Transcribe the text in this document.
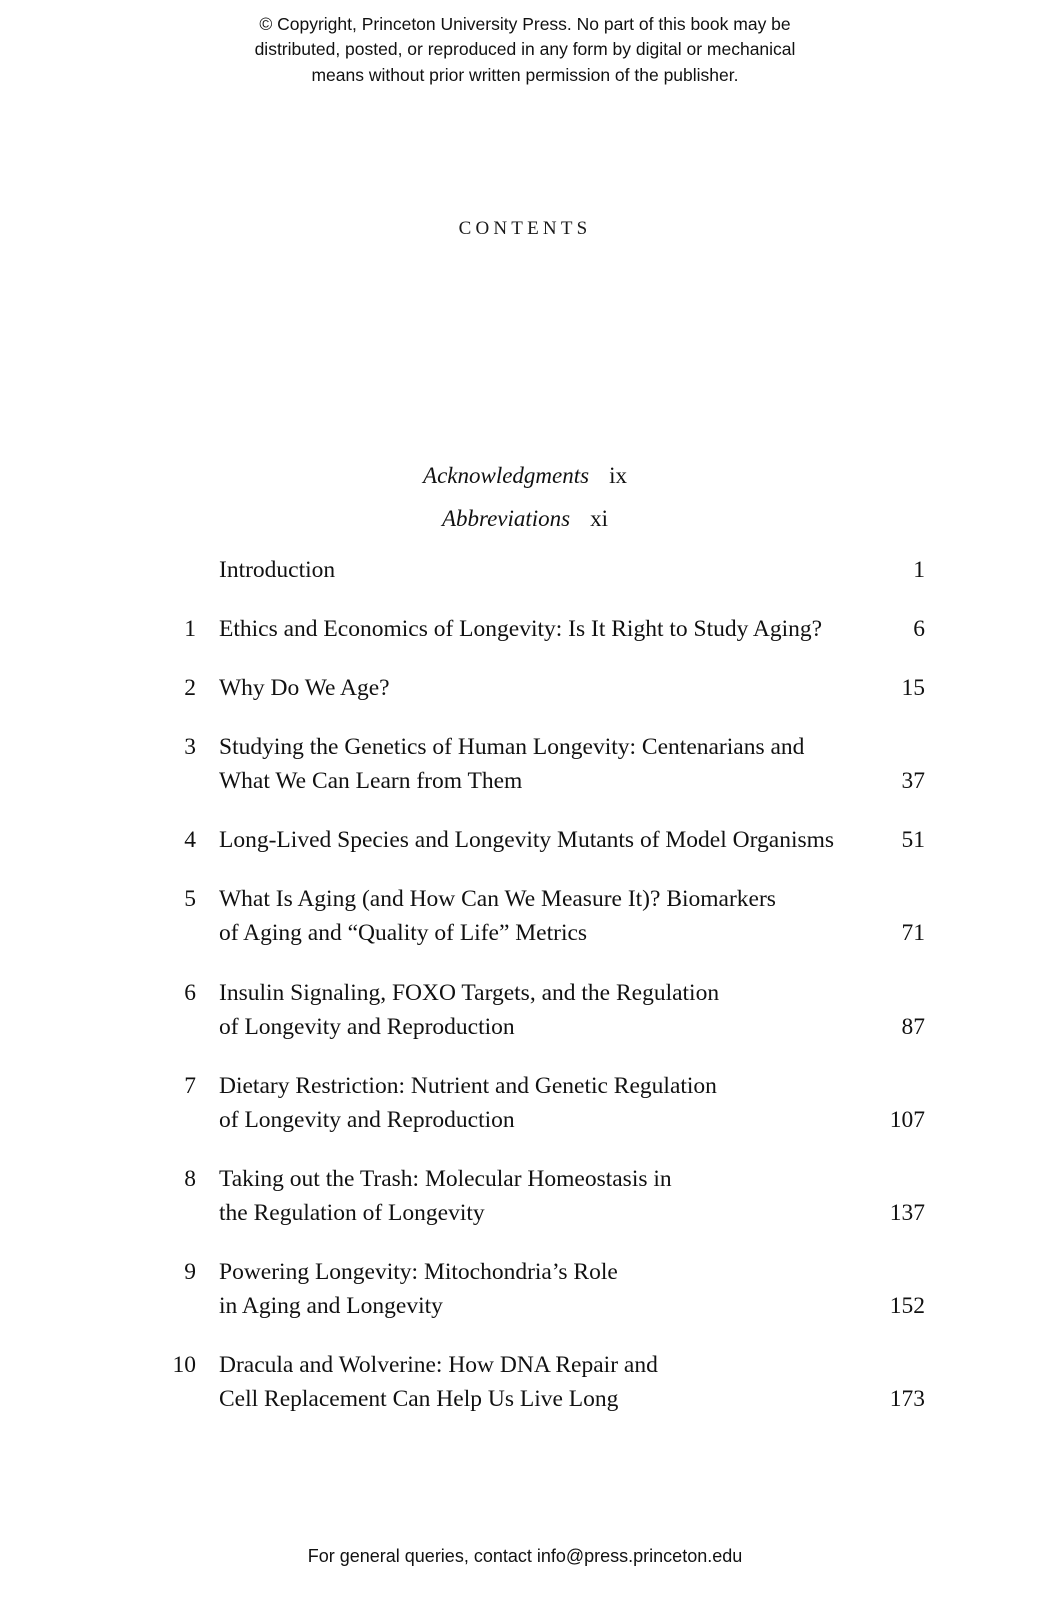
© Copyright, Princeton University Press. No part of this book may be
distributed, posted, or reproduced in any form by digital or mechanical
means without prior written permission of the publisher.
CONTENTS
Acknowledgments ix
Abbreviations xi
Introduction	1
1 Ethics and Economics of Longevity: Is It Right to Study Aging?	6
2 Why Do We Age?	15
3 Studying the Genetics of Human Longevity: Centenarians and
What We Can Learn from Them	37
4 Long-Lived Species and Longevity Mutants of Model Organisms	51
5 What Is Aging (and How Can We Measure It)? Biomarkers
of Aging and “Quality of Life” Metrics	71
6 Insulin Signaling, FOXO Targets, and the Regulation
of Longevity and Reproduction	87
7 Dietary Restriction: Nutrient and Genetic Regulation
of Longevity and Reproduction	107
8 Taking out the Trash: Molecular Homeostasis in
the Regulation of Longevity	137
9 Powering Longevity: Mitochondria’s Role
in Aging and Longevity	152
10 Dracula and Wolverine: How DNA Repair and
Cell Replacement Can Help Us Live Long	173
For general queries, contact info@press.princeton.edu
